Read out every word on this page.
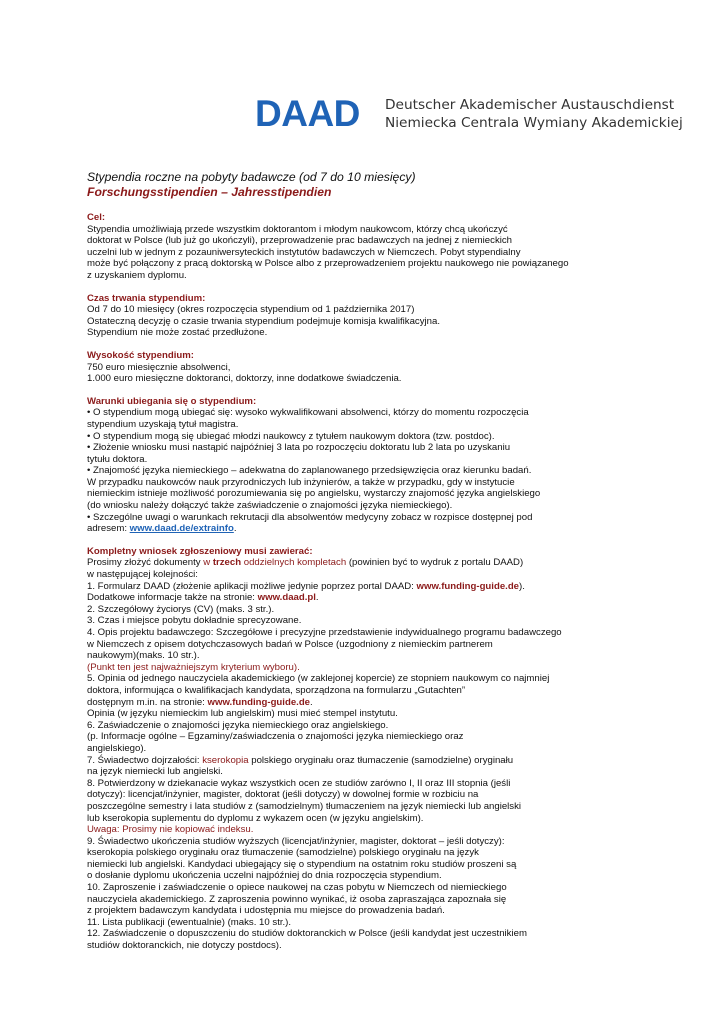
DAAD Deutscher Akademischer Austauschdienst
Niemiecka Centrala Wymiany Akademickiej
Stypendia roczne na pobyty badawcze (od 7 do 10 miesięcy)
Forschungsstipendien – Jahresstipendien
Cel:
Stypendia umożliwiają przede wszystkim doktorantom i młodym naukowcom, którzy chcą ukończyć
doktorat w Polsce (lub już go ukończyli), przeprowadzenie prac badawczych na jednej z niemieckich
uczelni lub w jednym z pozauniwersyteckich instytutów badawczych w Niemczech. Pobyt stypendialny
może być połączony z pracą doktorską w Polsce albo z przeprowadzeniem projektu naukowego nie powiązanego
z uzyskaniem dyplomu.
Czas trwania stypendium:
Od 7 do 10 miesięcy (okres rozpoczęcia stypendium od 1 października 2017)
Ostateczną decyzję o czasie trwania stypendium podejmuje komisja kwalifikacyjna.
Stypendium nie może zostać przedłużone.
Wysokość stypendium:
750 euro miesięcznie absolwenci,
1.000 euro miesięczne doktoranci, doktorzy, inne dodatkowe świadczenia.
Warunki ubiegania się o stypendium:
• O stypendium mogą ubiegać się: wysoko wykwalifikowani absolwenci, którzy do momentu rozpoczęcia
stypendium uzyskają tytuł magistra.
• O stypendium mogą się ubiegać młodzi naukowcy z tytułem naukowym doktora (tzw. postdoc).
• Złożenie wniosku musi nastąpić najpóźniej 3 lata po rozpoczęciu doktoratu lub 2 lata po uzyskaniu
tytułu doktora.
• Znajomość języka niemieckiego – adekwatna do zaplanowanego przedsięwzięcia oraz kierunku badań.
W przypadku naukowców nauk przyrodniczych lub inżynierów, a także w przypadku, gdy w instytucie
niemieckim istnieje możliwość porozumiewania się po angielsku, wystarczy znajomość języka angielskiego
(do wniosku należy dołączyć także zaświadczenie o znajomości języka niemieckiego).
• Szczególne uwagi o warunkach rekrutacji dla absolwentów medycyny zobacz w rozpisce dostępnej pod
adresem: www.daad.de/extrainfo.
Kompletny wniosek zgłoszeniowy musi zawierać:
Prosimy złożyć dokumenty w trzech oddzielnych kompletach (powinien być to wydruk z portalu DAAD)
w następującej kolejności:
1. Formularz DAAD (złożenie aplikacji możliwe jedynie poprzez portal DAAD: www.funding-guide.de).
Dodatkowe informacje także na stronie: www.daad.pl.
2. Szczegółowy życiorys (CV) (maks. 3 str.).
3. Czas i miejsce pobytu dokładnie sprecyzowane.
4. Opis projektu badawczego: Szczegółowe i precyzyjne przedstawienie indywidualnego programu badawczego
w Niemczech z opisem dotychczasowych badań w Polsce (uzgodniony z niemieckim partnerem
naukowym)(maks. 10 str.).
(Punkt ten jest najważniejszym kryterium wyboru).
5. Opinia od jednego nauczyciela akademickiego (w zaklejonej kopercie) ze stopniem naukowym co najmniej
doktora, informująca o kwalifikacjach kandydata, sporządzona na formularzu „Gutachten”
dostępnym m.in. na stronie: www.funding-guide.de.
Opinia (w języku niemieckim lub angielskim) musi mieć stempel instytutu.
6. Zaświadczenie o znajomości języka niemieckiego oraz angielskiego.
(p. Informacje ogólne – Egzaminy/zaświadczenia o znajomości języka niemieckiego oraz
angielskiego).
7. Świadectwo dojrzałości: kserokopia polskiego oryginału oraz tłumaczenie (samodzielne) oryginału
na język niemiecki lub angielski.
8. Potwierdzony w dziekanacie wykaz wszystkich ocen ze studiów zarówno I, II oraz III stopnia (jeśli
dotyczy): licencjat/inżynier, magister, doktorat (jeśli dotyczy) w dowolnej formie w rozbiciu na
poszczególne semestry i lata studiów z (samodzielnym) tłumaczeniem na język niemiecki lub angielski
lub kserokopia suplementu do dyplomu z wykazem ocen (w języku angielskim).
Uwaga: Prosimy nie kopiować indeksu.
9. Świadectwo ukończenia studiów wyższych (licencjat/inżynier, magister, doktorat – jeśli dotyczy):
kserokopia polskiego oryginału oraz tłumaczenie (samodzielne) polskiego oryginału na język
niemiecki lub angielski. Kandydaci ubiegający się o stypendium na ostatnim roku studiów proszeni są
o dosłanie dyplomu ukończenia uczelni najpóźniej do dnia rozpoczęcia stypendium.
10. Zaproszenie i zaświadczenie o opiece naukowej na czas pobytu w Niemczech od niemieckiego
nauczyciela akademickiego. Z zaproszenia powinno wynikać, iż osoba zapraszająca zapoznała się
z projektem badawczym kandydata i udostępnia mu miejsce do prowadzenia badań.
11. Lista publikacji (ewentualnie) (maks. 10 str.).
12. Zaświadczenie o dopuszczeniu do studiów doktoranckich w Polsce (jeśli kandydat jest uczestnikiem
studiów doktoranckich, nie dotyczy postdocs).
